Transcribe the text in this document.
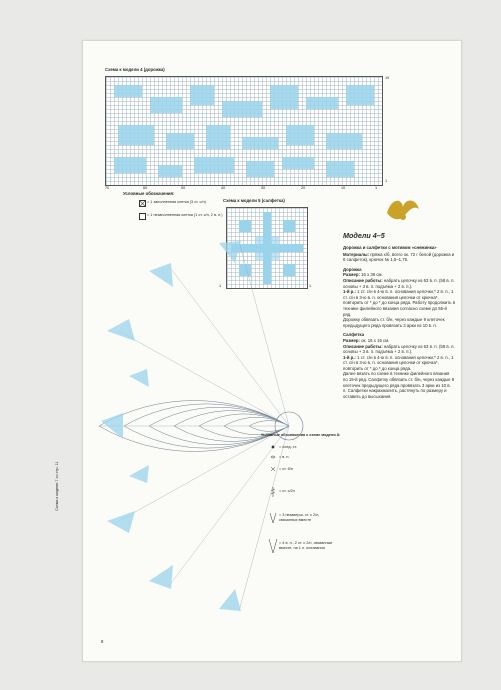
Схема к модели 4 (дорожка)
19
1
70	60	50	40	30	20	10	1
Условные обозначения:
= 1 заполненная клетка (3 ст. с/н)
= 1 незаполненная клетка (1 ст. с/н, 2 в. п.)
Схема к модели 5 (салфетка)
1	1
Схема к модели 7 со стр. 11
Условные обозначения к схеме модели 8:
= соед. ст.
= в. п.
= ст. б/н
= ст. с/2н
= 3 незаверш. ст. с 2/н, связанных вместе
= 4 в. п., 2 ст. с 2/н, связанные вместе, на 1 п. основания
Модели 4–5
Дорожка и салфетки с мотивом «снежинка»
Материалы: пряжа х/б, всего ок. 72 г белой (дорожка и 6 салфеток), крючок № 1,5–1,75.
Дорожка
Размер: 16 х 36 см.
Описание работы: набрать цепочку из 63 в. п. (58 в. п. основы + 3 в. п. подъёма + 2 в. п.).
1-й р.: 1 ст. с/н в 4-ю в. п. основания цепочки,* 2 в. п., 1 ст. с/н в 3-ю в. п. основания цепочки от крючка*, повторить от * до * до конца ряда. Работу продолжить в технике филейного вязания согласно схеме до 55-й ряд.
Дорожку обвязать ст. б/н, через каждые 9 клеточек предыдущего ряда провязать 3 арки из 10 в. п.
Салфетка
Размер: ок. 16 х 16 см.
Описание работы: набрать цепочку из 63 в. п. (58 в. п. основы + 3 в. п. подъёма + 2 в. п.).
1-й р.: 1 ст. с/н в 4-ю в. п. основания цепочки,* 2 в. п., 1 ст. с/н в 3-ю в. п. основания цепочки от крючка*, повторить от * до * до конца ряда.
Далее вязать по схеме в технике филейного вязания по 19-й ряд. Салфетку обвязать ст. б/н, через каждые 9 клеточек предыдущего ряда провязать 3 арки из 10 в. п. Салфетки накрахмалить, растянуть по размеру и оставить до высыхания.
8
